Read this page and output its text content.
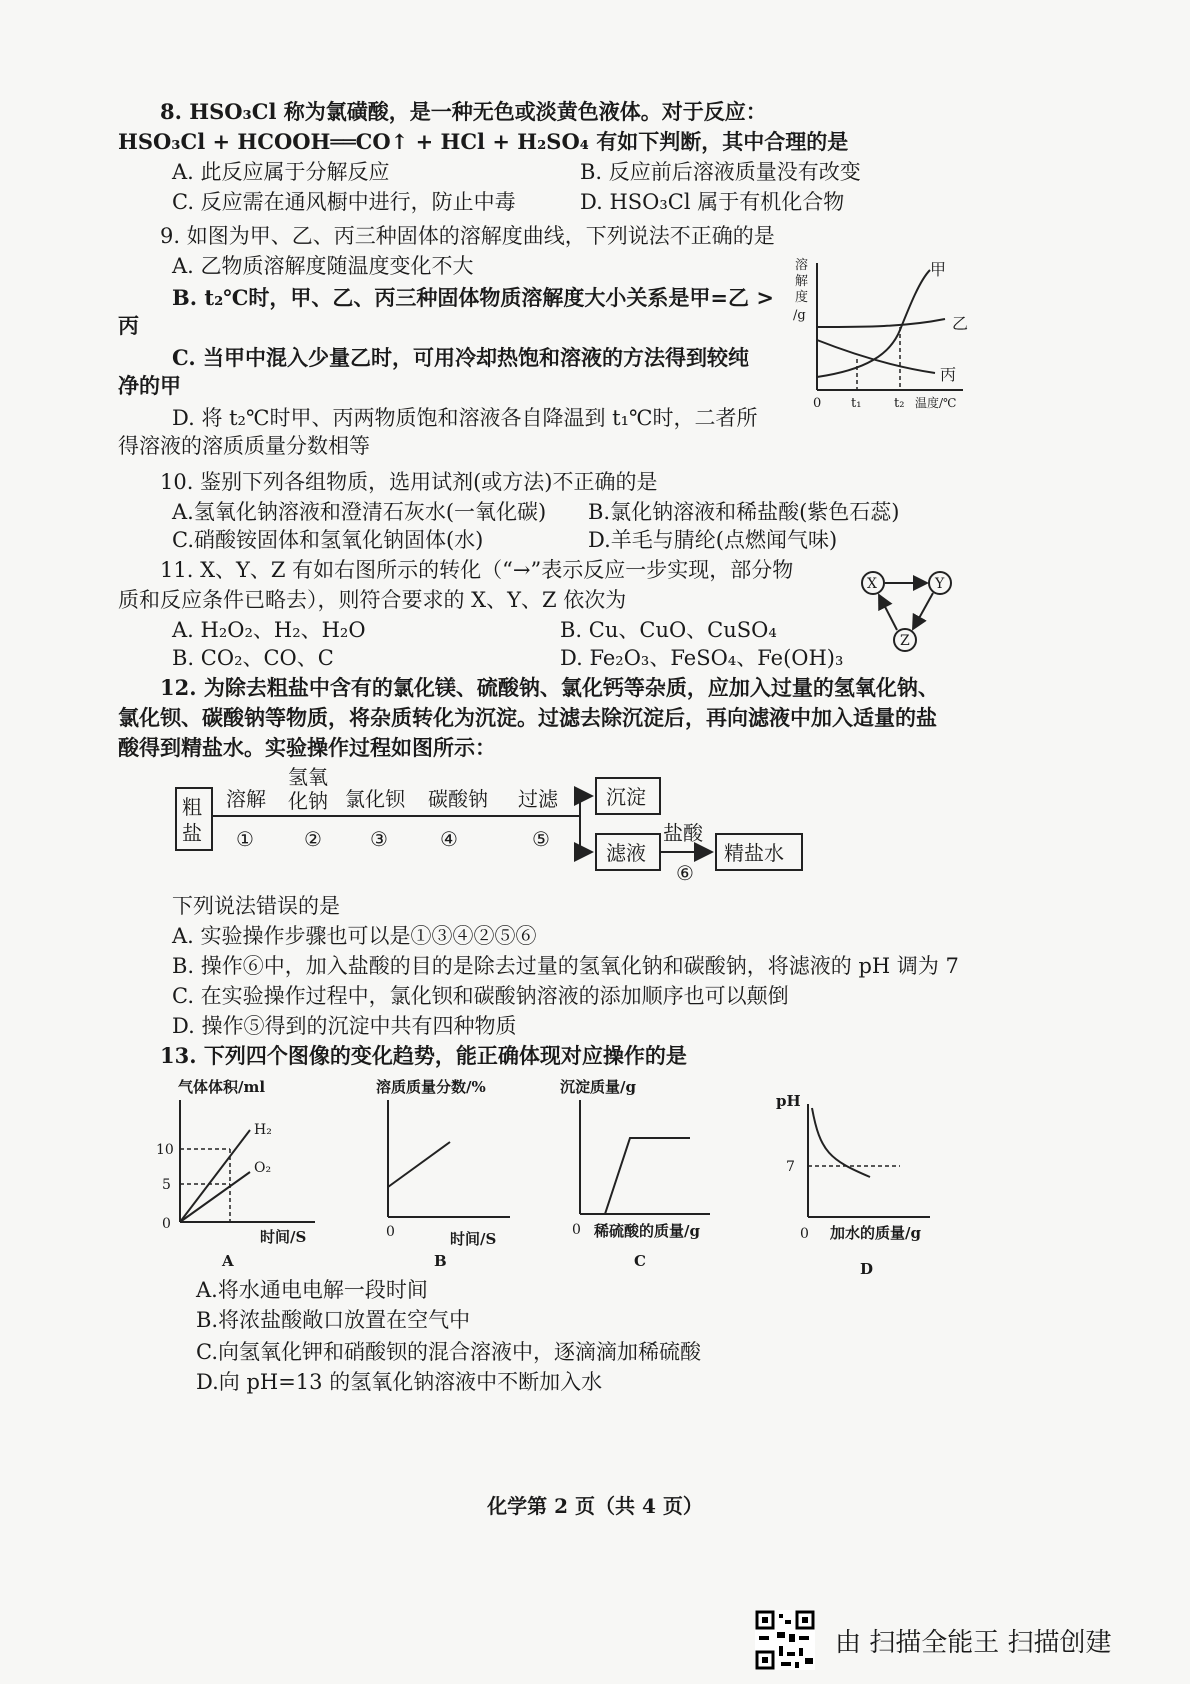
8. HSO₃Cl 称为氯磺酸，是一种无色或淡黄色液体。对于反应：
HSO₃Cl + HCOOH══CO↑ + HCl + H₂SO₄ 有如下判断，其中合理的是
A. 此反应属于分解反应	B. 反应前后溶液质量没有改变
C. 反应需在通风橱中进行，防止中毒	D. HSO₃Cl 属于有机化合物
9. 如图为甲、乙、丙三种固体的溶解度曲线，下列说法不正确的是
A. 乙物质溶解度随温度变化不大
B. t₂℃时，甲、乙、丙三种固体物质溶解度大小关系是甲=乙 >
丙
C. 当甲中混入少量乙时，可用冷却热饱和溶液的方法得到较纯
净的甲
D. 将 t₂℃时甲、丙两物质饱和溶液各自降温到 t₁℃时，二者所
得溶液的溶质质量分数相等
溶
解
度
/g
0 t₁	t₂ 温度/℃
甲
乙
丙
10. 鉴别下列各组物质，选用试剂(或方法)不正确的是
A.氢氧化钠溶液和澄清石灰水(一氧化碳) B.氯化钠溶液和稀盐酸(紫色石蕊)
C.硝酸铵固体和氢氧化钠固体(水)	D.羊毛与腈纶(点燃闻气味)
11. X、Y、Z 有如右图所示的转化（“→”表示反应一步实现，部分物
质和反应条件已略去），则符合要求的 X、Y、Z 依次为
A. H₂O₂、H₂、H₂O	B. Cu、CuO、CuSO₄
B. CO₂、CO、C	D. Fe₂O₃、FeSO₄、Fe(OH)₃
X	Y
Z
12. 为除去粗盐中含有的氯化镁、硫酸钠、氯化钙等杂质，应加入过量的氢氧化钠、
氯化钡、碳酸钠等物质，将杂质转化为沉淀。过滤去除沉淀后，再向滤液中加入适量的盐
酸得到精盐水。实验操作过程如图所示：
粗
盐
溶解
氢氧
化钠 氯化钡 碳酸钠 过滤
①	② ③	④	⑤
沉淀
滤液
盐酸
⑥
精盐水
下列说法错误的是
A. 实验操作步骤也可以是①③④②⑤⑥
B. 操作⑥中，加入盐酸的目的是除去过量的氢氧化钠和碳酸钠，将滤液的 pH 调为 7
C. 在实验操作过程中，氯化钡和碳酸钠溶液的添加顺序也可以颠倒
D. 操作⑤得到的沉淀中共有四种物质
13. 下列四个图像的变化趋势，能正确体现对应操作的是
气体体积/ml
10
5
0
H₂
O₂
时间/S
A
溶质质量分数/%
0	时间/S
B
沉淀质量/g
0 稀硫酸的质量/g
C
pH
7
0 加水的质量/g
D
A.将水通电电解一段时间
B.将浓盐酸敞口放置在空气中
C.向氢氧化钾和硝酸钡的混合溶液中，逐滴滴加稀硫酸
D.向 pH=13 的氢氧化钠溶液中不断加入水
化学第 2 页（共 4 页）
由 扫描全能王 扫描创建
